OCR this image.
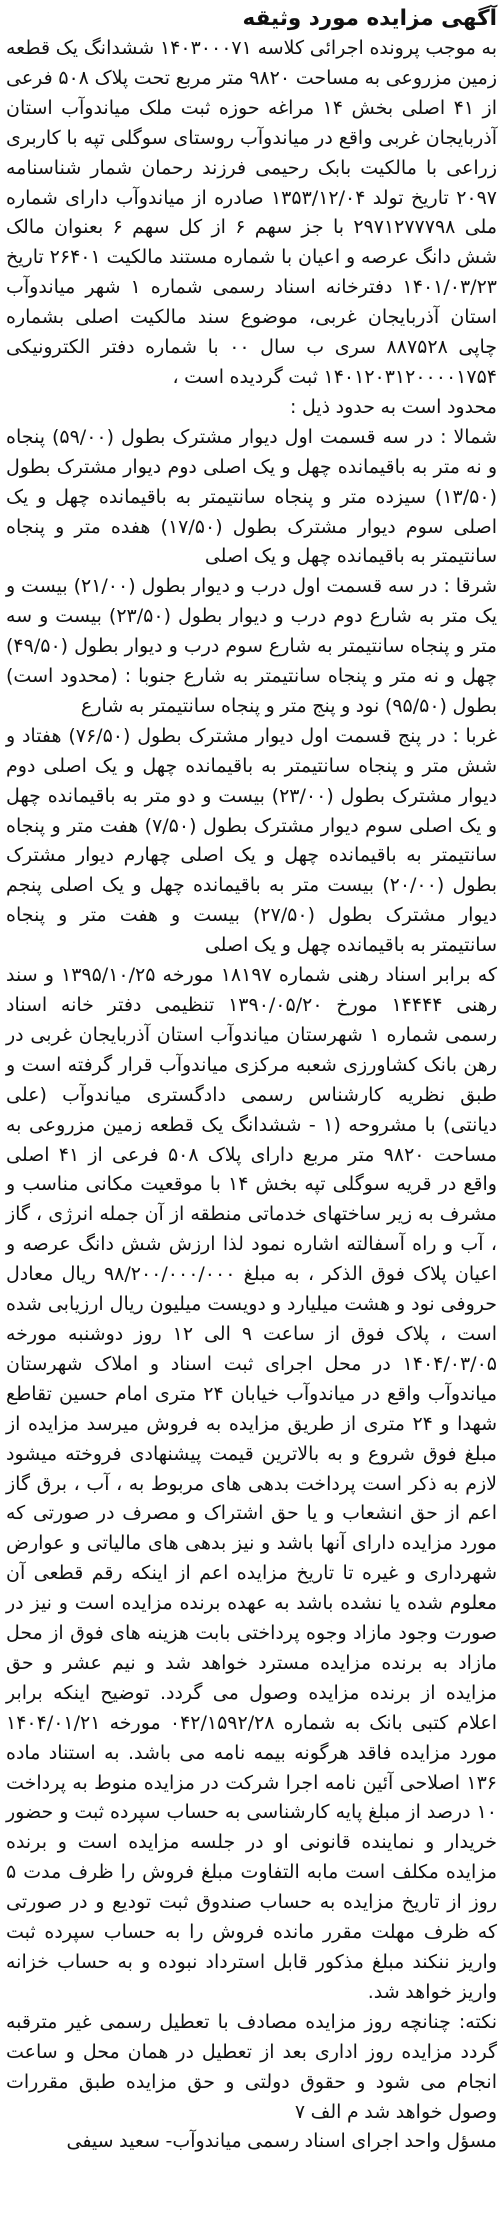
آگهی مزایده مورد وثیقه

به موجب پرونده اجرائی کلاسه ۱۴۰۳۰۰۰۷۱ ششدانگ یک قطعه زمین مزروعی به مساحت ۹۸۲۰ متر مربع تحت پلاک ۵۰۸ فرعی از ۴۱ اصلی بخش ۱۴ مراغه حوزه ثبت ملک میاندوآب استان آذربایجان غربی واقع در میاندوآب روستای سوگلی تپه با کاربری زراعی با مالکیت بابک رحیمی فرزند رحمان شمار شناسنامه ۲۰۹۷ تاریخ تولد ۱۳۵۳/۱۲/۰۴ صادره از میاندوآب دارای شماره ملی ۲۹۷۱۲۷۷۷۹۸ با جز سهم ۶ از کل سهم ۶ بعنوان مالک شش دانگ عرصه و اعیان با شماره مستند مالکیت ۲۶۴۰۱ تاریخ ۱۴۰۱/۰۳/۲۳ دفترخانه اسناد رسمی شماره ۱ شهر میاندوآب استان آذربایجان غربی، موضوع سند مالکیت اصلی بشماره چاپی ۸۸۷۵۲۸ سری ب سال ۰۰ با شماره دفتر الکترونیکی ۱۴۰۱۲۰۳۱۲۰۰۰۰۱۷۵۴ ثبت گردیده است ،

محدود است به حدود ذیل :

شمالا : در سه قسمت اول دیوار مشترک بطول (۵۹/۰۰) پنجاه و نه متر به باقیمانده چهل و یک اصلی دوم دیوار مشترک بطول (۱۳/۵۰) سیزده متر و پنجاه سانتیمتر به باقیمانده چهل و یک اصلی سوم دیوار مشترک بطول (۱۷/۵۰) هفده متر و پنجاه سانتیمتر به باقیمانده چهل و یک اصلی

شرقا : در سه قسمت اول درب و دیوار بطول (۲۱/۰۰) بیست و یک متر به شارع دوم درب و دیوار بطول (۲۳/۵۰) بیست و سه متر و پنجاه سانتیمتر به شارع سوم درب و دیوار بطول (۴۹/۵۰) چهل و نه متر و پنجاه سانتیمتر به شارع جنوبا : (محدود است) بطول (۹۵/۵۰) نود و پنج متر و پنجاه سانتیمتر به شارع

غربا : در پنج قسمت اول دیوار مشترک بطول (۷۶/۵۰) هفتاد و شش متر و پنجاه سانتیمتر به باقیمانده چهل و یک اصلی دوم دیوار مشترک بطول (۲۳/۰۰) بیست و دو متر به باقیمانده چهل و یک اصلی سوم دیوار مشترک بطول (۷/۵۰) هفت متر و پنجاه سانتیمتر به باقیمانده چهل و یک اصلی چهارم دیوار مشترک بطول (۲۰/۰۰) بیست متر به باقیمانده چهل و یک اصلی پنجم دیوار مشترک بطول (۲۷/۵۰) بیست و هفت متر و پنجاه سانتیمتر به باقیمانده چهل و یک اصلی

که برابر اسناد رهنی شماره ۱۸۱۹۷ مورخه ۱۳۹۵/۱۰/۲۵ و سند رهنی ۱۴۴۴۴ مورخ ۱۳۹۰/۰۵/۲۰ تنظیمی دفتر خانه اسناد رسمی شماره ۱ شهرستان میاندوآب استان آذربایجان غربی در رهن بانک کشاورزی شعبه مرکزی میاندوآب قرار گرفته است و طبق نظریه کارشناس رسمی دادگستری میاندوآب (علی دیانتی) با مشروحه (۱ - ششدانگ یک قطعه زمین مزروعی به مساحت ۹۸۲۰ متر مربع دارای پلاک ۵۰۸ فرعی از ۴۱ اصلی واقع در قریه سوگلی تپه بخش ۱۴ با موقعیت مکانی مناسب و مشرف به زیر ساختهای خدماتی منطقه از آن جمله انرژی ، گاز ، آب و راه آسفالته اشاره نمود لذا ارزش شش دانگ عرصه و اعیان پلاک فوق الذکر ، به مبلغ ۹۸/۲۰۰/۰۰۰/۰۰۰ ریال معادل حروفی نود و هشت میلیارد و دویست میلیون ریال ارزیابی شده است ، پلاک فوق از ساعت ۹ الی ۱۲ روز دوشنبه مورخه ۱۴۰۴/۰۳/۰۵ در محل اجرای ثبت اسناد و املاک شهرستان میاندوآب واقع در میاندوآب خیابان ۲۴ متری امام حسین تقاطع شهدا و ۲۴ متری از طریق مزایده به فروش میرسد مزایده از مبلغ فوق شروع و به بالاترین قیمت پیشنهادی فروخته میشود لازم به ذکر است پرداخت بدهی های مربوط به ، آب ، برق گاز اعم از حق انشعاب و یا حق اشتراک و مصرف در صورتی که مورد مزایده دارای آنها باشد و نیز بدهی های مالیاتی و عوارض شهرداری و غیره تا تاریخ مزایده اعم از اینکه رقم قطعی آن معلوم شده یا نشده باشد به عهده برنده مزایده است و نیز در صورت وجود مازاد وجوه پرداختی بابت هزینه های فوق از محل مازاد به برنده مزایده مسترد خواهد شد و نیم عشر و حق مزایده از برنده مزایده وصول می گردد. توضیح اینکه برابر اعلام کتبی بانک به شماره ۰۴۲/۱۵۹۲/۲۸ مورخه ۱۴۰۴/۰۱/۲۱ مورد مزایده فاقد هرگونه بیمه نامه می باشد. به استناد ماده ۱۳۶ اصلاحی آئین نامه اجرا شرکت در مزایده منوط به پرداخت ۱۰ درصد از مبلغ پایه کارشناسی به حساب سپرده ثبت و حضور خریدار و نماینده قانونی او در جلسه مزایده است و برنده مزایده مکلف است مابه التفاوت مبلغ فروش را ظرف مدت ۵ روز از تاریخ مزایده به حساب صندوق ثبت تودیع و در صورتی که ظرف مهلت مقرر مانده فروش را به حساب سپرده ثبت واریز ننکند مبلغ مذکور قابل استرداد نبوده و به حساب خزانه واریز خواهد شد.

نکته: چنانچه روز مزایده مصادف با تعطیل رسمی غیر مترقبه گردد مزایده روز اداری بعد از تعطیل در همان محل و ساعت انجام می شود و حقوق دولتی و حق مزایده طبق مقررات وصول خواهد شد م الف ۷

مسؤل واحد اجرای اسناد رسمی میاندوآب- سعید سیفی
